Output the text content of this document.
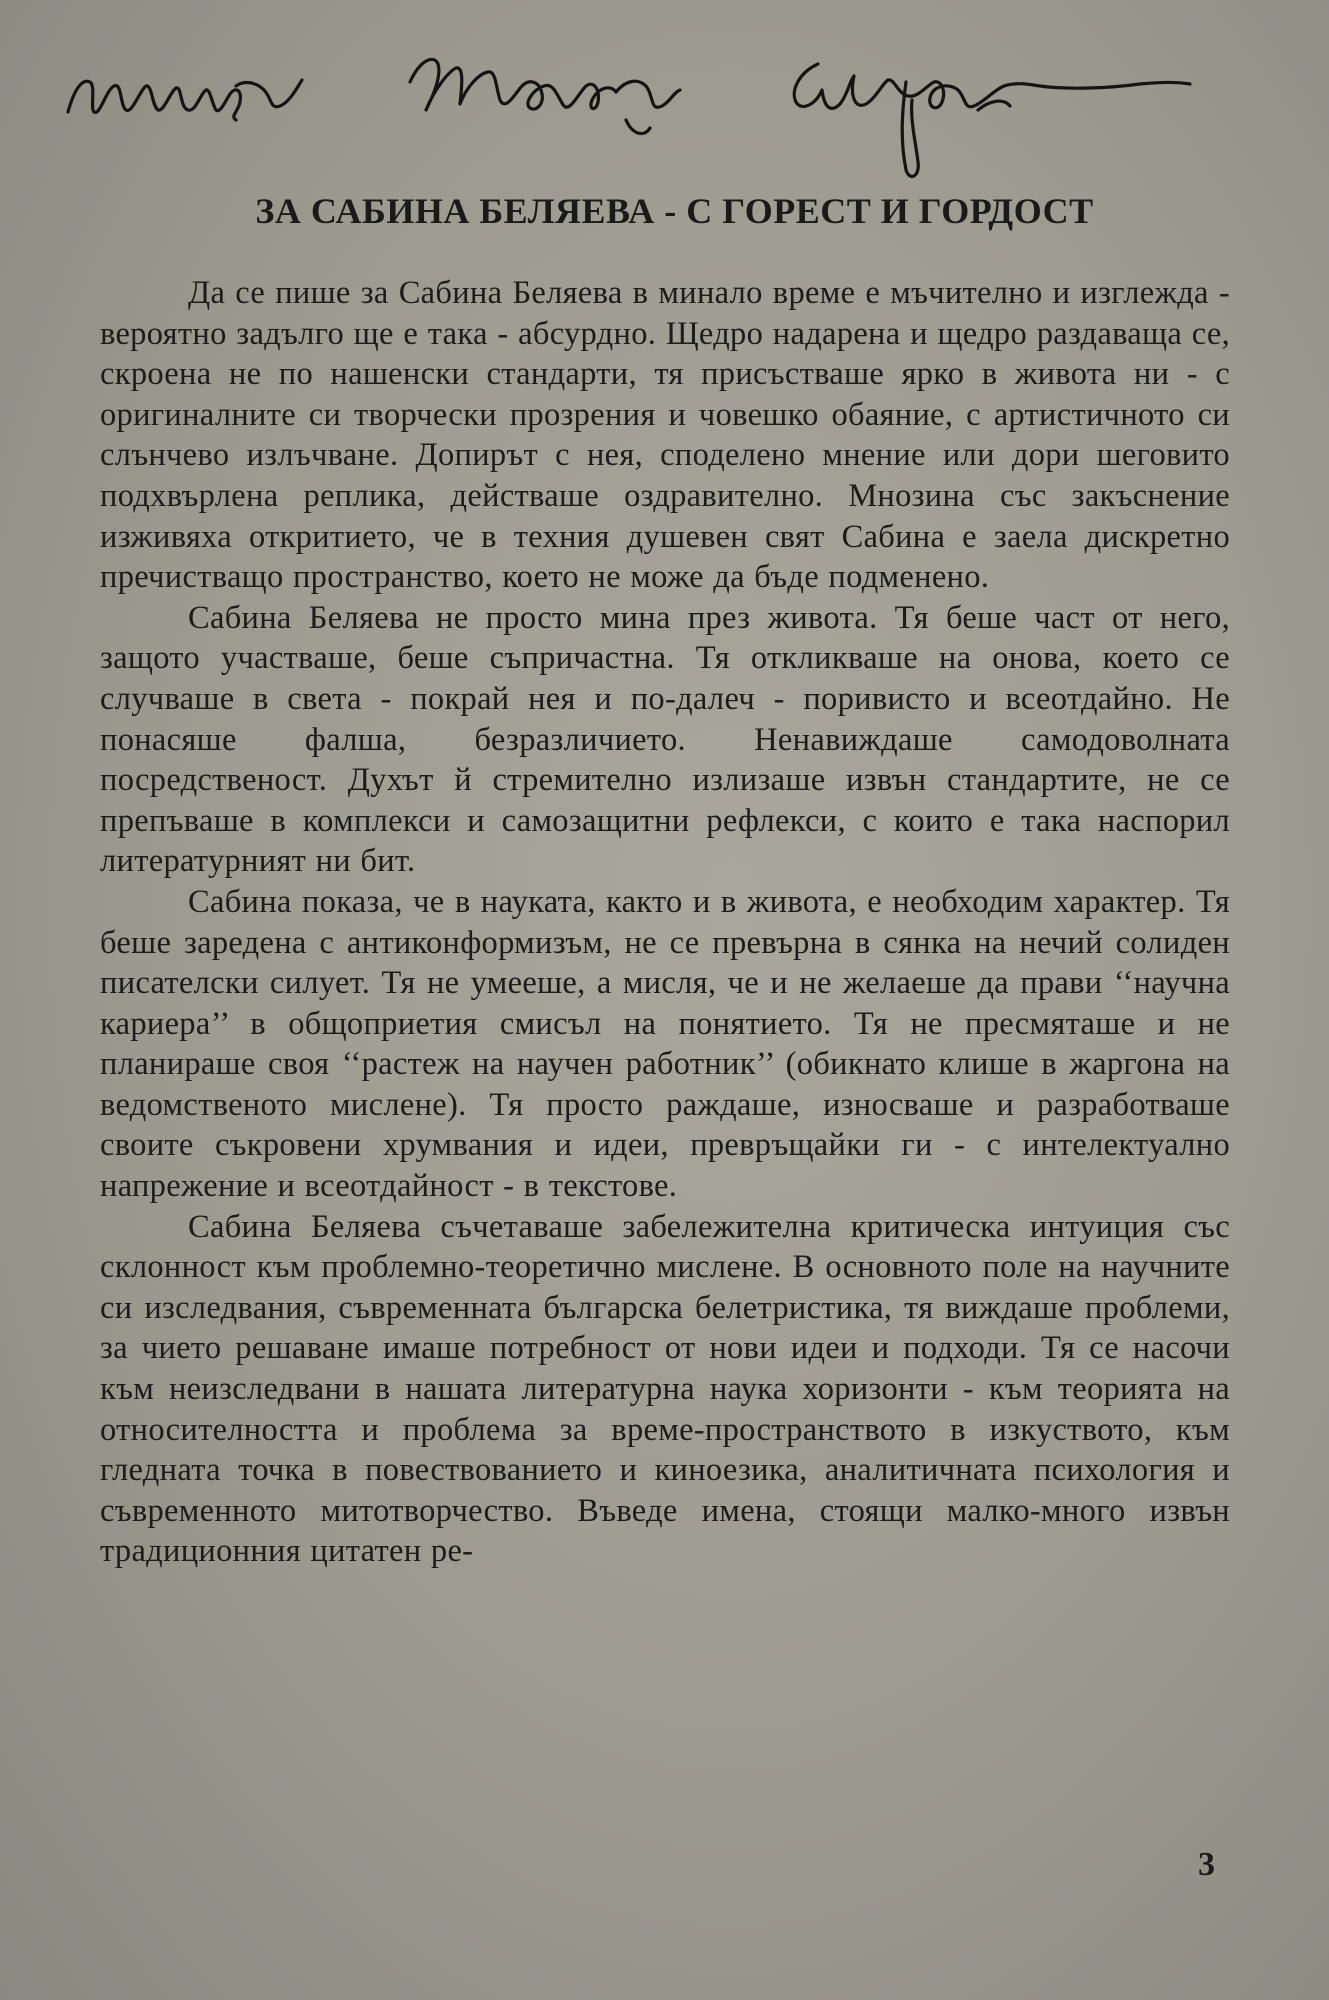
ЗА САБИНА БЕЛЯЕВА - С ГОРЕСТ И ГОРДОСТ

Да се пише за Сабина Беляева в минало време е мъчително и изглежда - вероятно задълго ще е така - абсурдно. Щедро надарена и щедро раздаваща се, скроена не по нашенски стандарти, тя присъстваше ярко в живота ни - с оригиналните си творчески прозрения и човешко обаяние, с артистичното си слънчево излъчване. Допирът с нея, споделено мнение или дори шеговито подхвърлена реплика, действаше оздравително. Мнозина със закъснение изживяха откритието, че в техния душевен свят Сабина е заела дискретно пречистващо пространство, което не може да бъде подменено.

Сабина Беляева не просто мина през живота. Тя беше част от него, защото участваше, беше съпричастна. Тя откликваше на онова, което се случваше в света - покрай нея и по-далеч - поривисто и всеотдайно. Не понасяше фалша, безразличието. Ненавиждаше самодоволната посредственост. Духът й стремително излизаше извън стандартите, не се препъваше в комплекси и самозащитни рефлекси, с които е така наспорил литературният ни бит.

Сабина показа, че в науката, както и в живота, е необходим характер. Тя беше заредена с антиконформизъм, не се превърна в сянка на нечий солиден писателски силует. Тя не умееше, а мисля, че и не желаеше да прави ‘‘научна кариера’’ в общоприетия смисъл на понятието. Тя не пресмяташе и не планираше своя ‘‘растеж на научен работник’’ (обикнато клише в жаргона на ведомственото мислене). Тя просто раждаше, износваше и разработваше своите съкровени хрумвания и идеи, превръщайки ги - с интелектуално напрежение и всеотдайност - в текстове.

Сабина Беляева съчетаваше забележителна критическа интуиция със склонност към проблемно-теоретично мислене. В основното поле на научните си изследвания, съвременната българска белетристика, тя виждаше проблеми, за чието решаване имаше потребност от нови идеи и подходи. Тя се насочи към неизследвани в нашата литературна наука хоризонти - към теорията на относителността и проблема за време-пространството в изкуството, към гледната точка в повествованието и киноезика, аналитичната психология и съвременното митотворчество. Въведе имена, стоящи малко-много извън традиционния цитатен ре-

3
